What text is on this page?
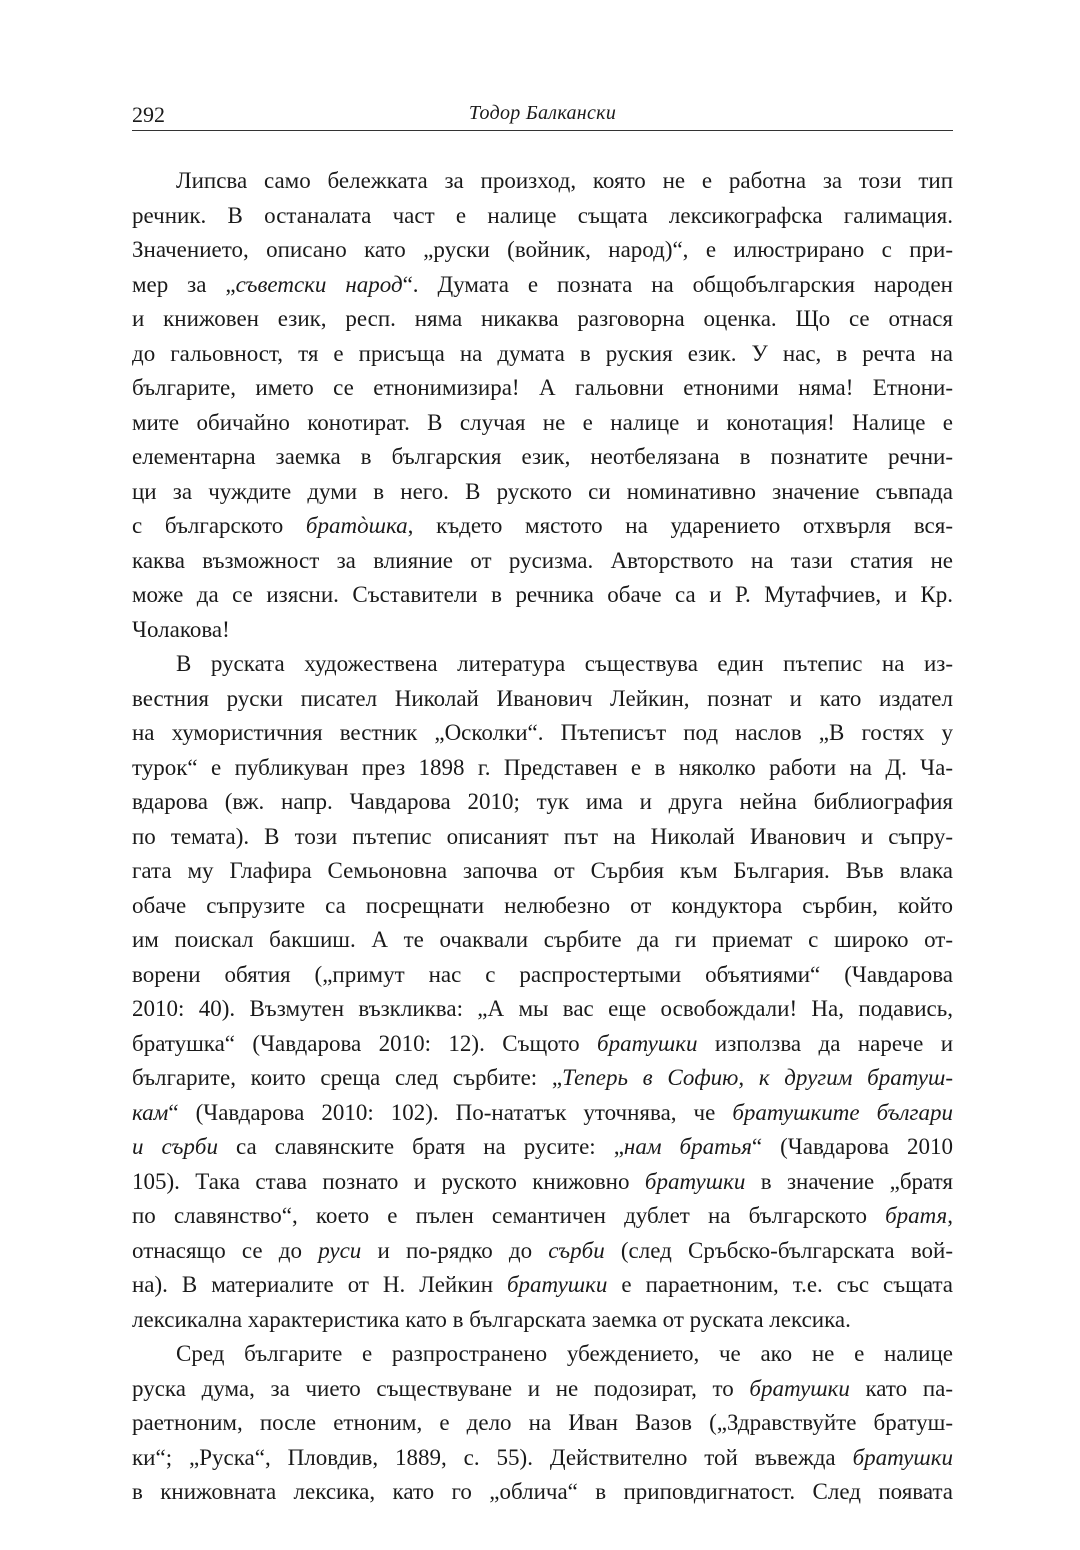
292	Тодор Балкански
Липсва само бележката за произход, която не е работна за този тип
речник. В останалата част е налице същата лексикографска галимация.
Значението, описано като „руски (войник, народ)“, е илюстрирано с при-
мер за „съветски народ“. Думата е позната на общобългарския народен
и книжовен език, респ. няма никаква разговорна оценка. Що се отнася
до гальовност, тя е присъща на думата в руския език. У нас, в речта на
българите, името се етнонимизира! А гальовни етноними няма! Етнони-
мите обичайно конотират. В случая не е налице и конотация! Налице е
елементарна заемка в българския език, неотбелязана в познатите речни-
ци за чуждите думи в него. В руското си номинативно значение съвпада
с българското братòшка, където мястото на ударението отхвърля вся-
каква възможност за влияние от русизма. Авторството на тази статия не
може да се изясни. Съставители в речника обаче са и Р. Мутафчиев, и Кр.
Чолакова!
В руската художествена литература съществува един пътепис на из-
вестния руски писател Николай Иванович Лейкин, познат и като издател
на хумористичния вестник „Осколки“. Пътеписът под наслов „В гостях у
турок“ е публикуван през 1898 г. Представен е в няколко работи на Д. Ча-
вдарова (вж. напр. Чавдарова 2010; тук има и друга нейна библиография
по темата). В този пътепис описаният път на Николай Иванович и съпру-
гата му Глафира Семьоновна започва от Сърбия към България. Във влака
обаче съпрузите са посрещнати нелюбезно от кондуктора сърбин, който
им поискал бакшиш. А те очаквали сърбите да ги приемат с широко от-
ворени обятия („примут нас с распростертыми объятиями“ (Чавдарова
2010: 40). Възмутен възкликва: „А мы вас еще освобождали! На, подавись,
братушка“ (Чавдарова 2010: 12). Същото братушки използва да нарече и
българите, които среща след сърбите: „Теперь в Софию, к другим братуш-
кам“ (Чавдарова 2010: 102). По-нататък уточнява, че братушките българи
и сърби са славянските братя на русите: „нам братья“ (Чавдарова 2010
105). Така става познато и руското книжовно братушки в значение „братя
по славянство“, което е пълен семантичен дублет на българското братя,
отнасящо се до руси и по-рядко до сърби (след Сръбско-българската вой-
на). В материалите от Н. Лейкин братушки е параетноним, т.е. със същата
лексикална характеристика като в българската заемка от руската лексика.
Сред българите е разпространено убеждението, че ако не е налице
руска дума, за чието съществуване и не подозират, то братушки като па-
раетноним, после етноним, е дело на Иван Вазов („Здравствуйте братуш-
ки“; „Руска“, Пловдив, 1889, с. 55). Действително той въвежда братушки
в книжовната лексика, като го „облича“ в приповдигнатост. След появата
